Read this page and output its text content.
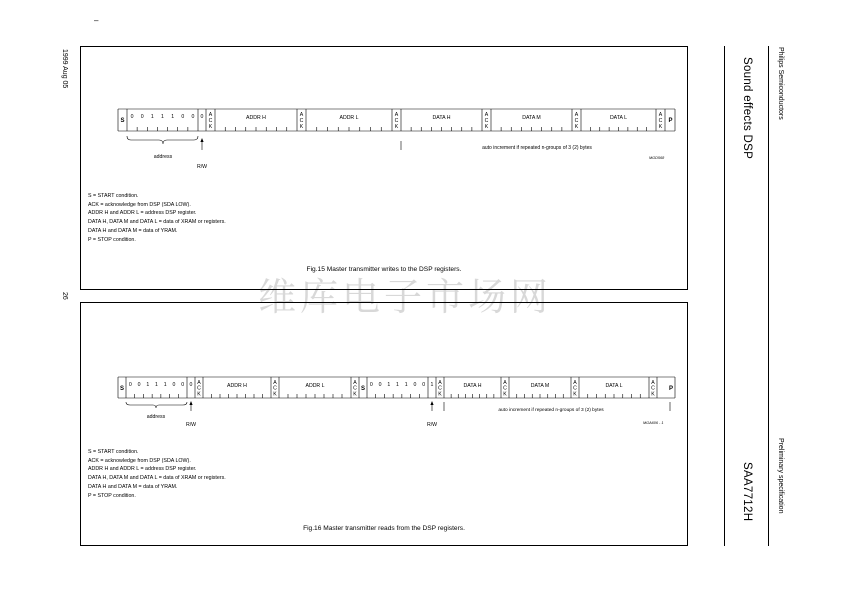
–
1999 Aug 05
26
Philips Semiconductors
Preliminary specification
Sound effects DSP
SAA7712H
维库电子市场网
S
0 0 1 1 1 0 0 0 A
C
K
ADDR H	A
C
K
ADDR L	A
C
K
DATA H	A
C
K
DATA M	A
C
K
DATA L	A
C
K
P
address
R/W
auto increment if repeated n-groups of 3 (2) bytes
MGD568
S = START condition.
ACK = acknowledge from DSP (SDA LOW).
ADDR H and ADDR L = address DSP register.
DATA H, DATA M and DATA L = data of XRAM or registers.
DATA H and DATA M = data of YRAM.
P = STOP condition.
Fig.15 Master transmitter writes to the DSP registers.
S
0 0 1 1 1 0 0 0 A
C
K
ADDR H	A
C
K
ADDR L	A
C
K
S
0 0 1 1 1 0 0 1 A
C
K
DATA H	A
C
K
DATA M	A
C
K
DATA L	A
C
K
P
address
R/W	R/W
auto increment if repeated n-groups of 3 (2) bytes
MGA606 - 1
S = START condition.
ACK = acknowledge from DSP (SDA LOW).
ADDR H and ADDR L = address DSP register.
DATA H, DATA M and DATA L = data of XRAM or registers.
DATA H and DATA M = data of YRAM.
P = STOP condition.
Fig.16 Master transmitter reads from the DSP registers.
